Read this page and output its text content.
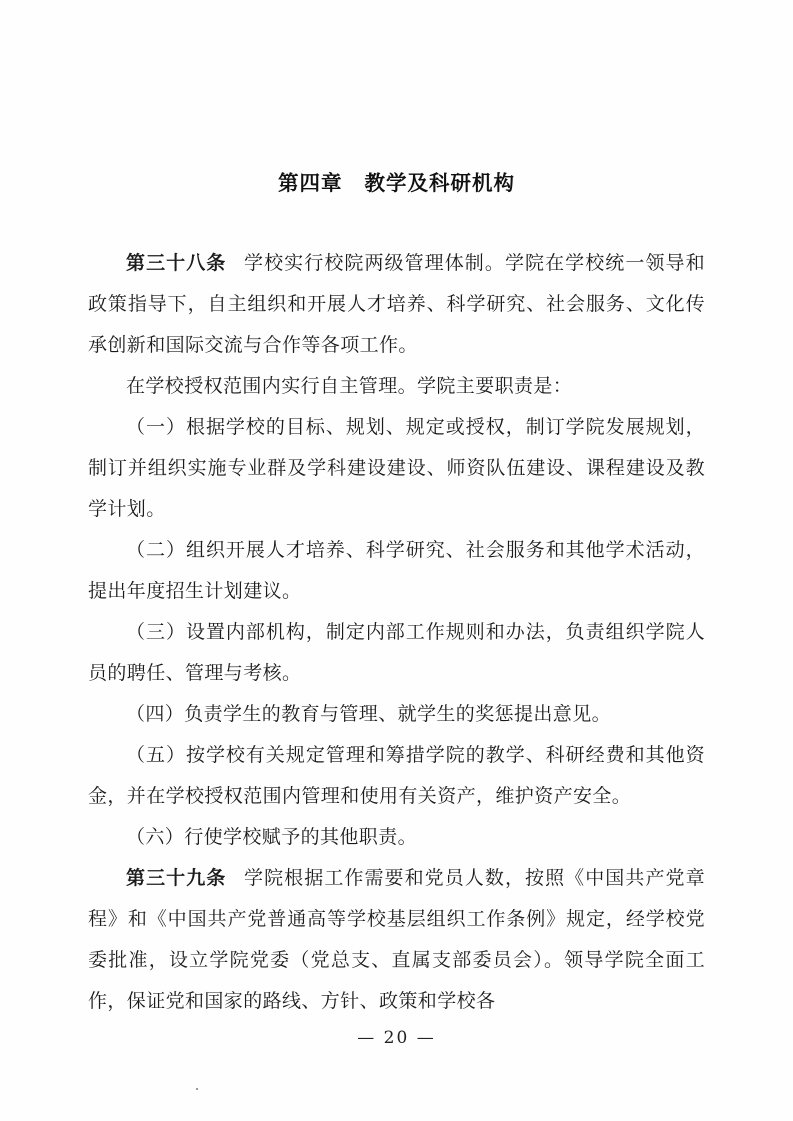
第四章 教学及科研机构

第三十八条 学校实行校院两级管理体制。学院在学校统一领导和政策指导下，自主组织和开展人才培养、科学研究、社会服务、文化传承创新和国际交流与合作等各项工作。

在学校授权范围内实行自主管理。学院主要职责是：

（一）根据学校的目标、规划、规定或授权，制订学院发展规划，制订并组织实施专业群及学科建设建设、师资队伍建设、课程建设及教学计划。

（二）组织开展人才培养、科学研究、社会服务和其他学术活动，提出年度招生计划建议。

（三）设置内部机构，制定内部工作规则和办法，负责组织学院人员的聘任、管理与考核。

（四）负责学生的教育与管理、就学生的奖惩提出意见。

（五）按学校有关规定管理和筹措学院的教学、科研经费和其他资金，并在学校授权范围内管理和使用有关资产，维护资产安全。

（六）行使学校赋予的其他职责。

第三十九条 学院根据工作需要和党员人数，按照《中国共产党章程》和《中国共产党普通高等学校基层组织工作条例》规定，经学校党委批准，设立学院党委（党总支、直属支部委员会）。领导学院全面工作，保证党和国家的路线、方针、政策和学校各

— 20 —
